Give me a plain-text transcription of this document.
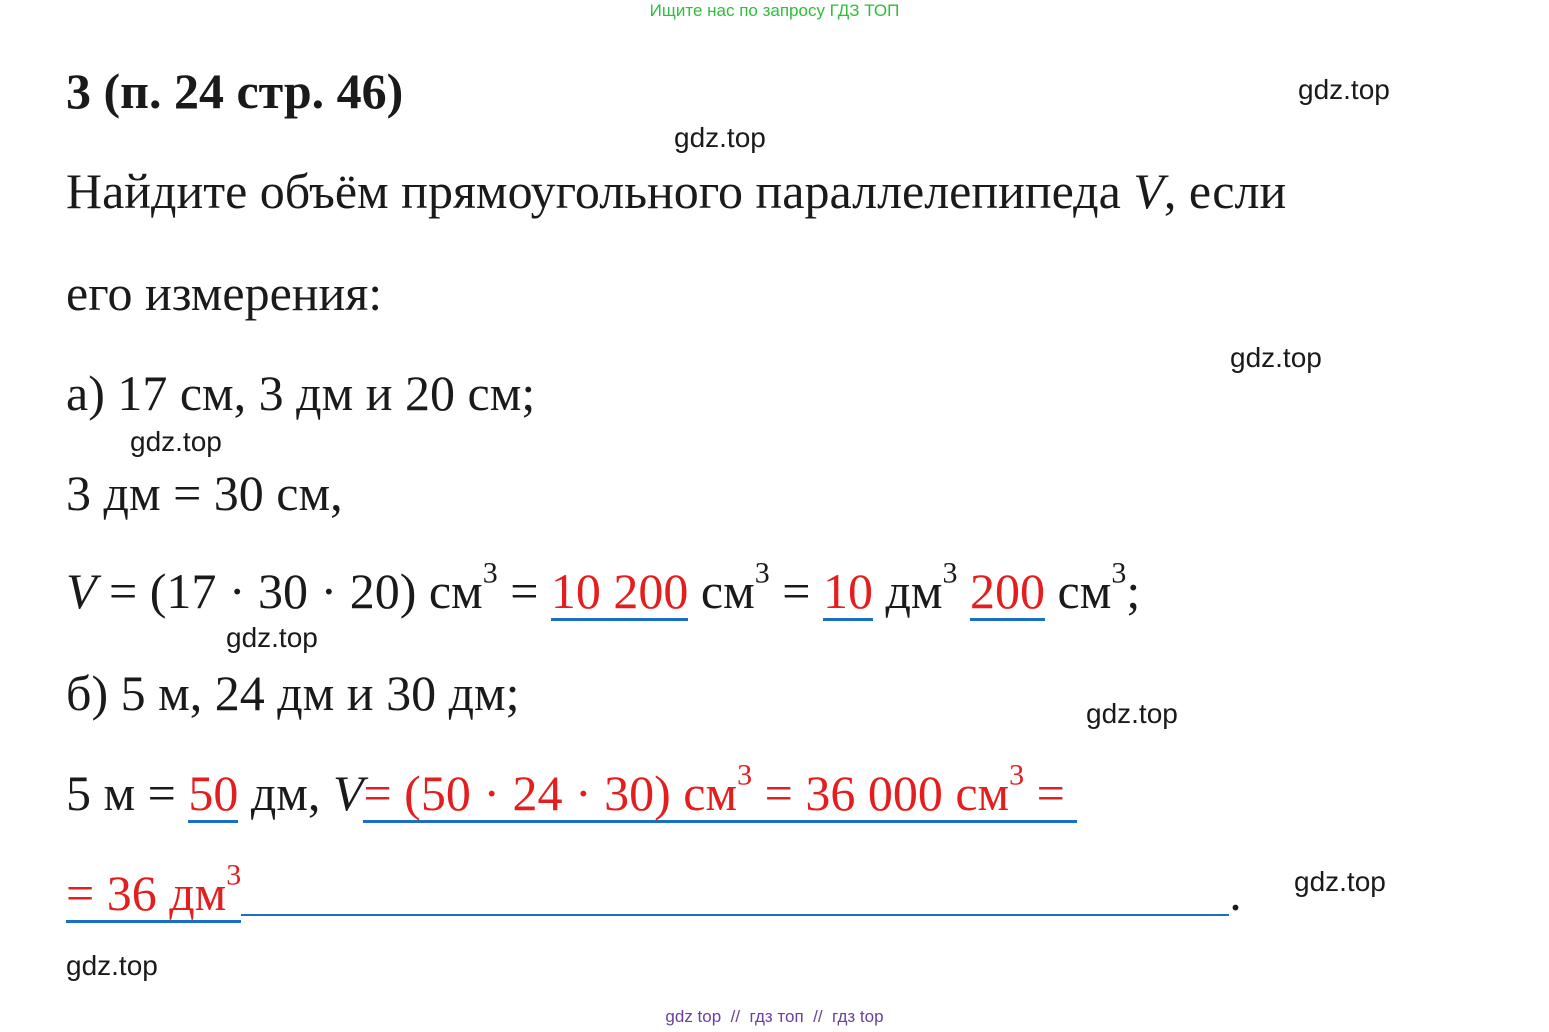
Ищите нас по запросу ГДЗ ТОП
3 (п. 24 стр. 46)	gdz.top
gdz.top
Найдите объём прямоугольного параллелепипеда V, если
его измерения:
gdz.top
а) 17 см, 3 дм и 20 см;
gdz.top
3 дм = 30 см,
V = (17 · 30 · 20) $см^3 = 10$ 200 $см^3 = 10$ $дм^3$ 200 $см^3$;
gdz.top
б) 5 м, 24 дм и 30 дм;	gdz.top
5 м = 50 дм, V= (50 · 24 · 30) $см^3 = 36$ 000 $см^3$ =
= 36 $дм^3$	. gdz.top
gdz.top
gdz top // гдз топ // гдз top
